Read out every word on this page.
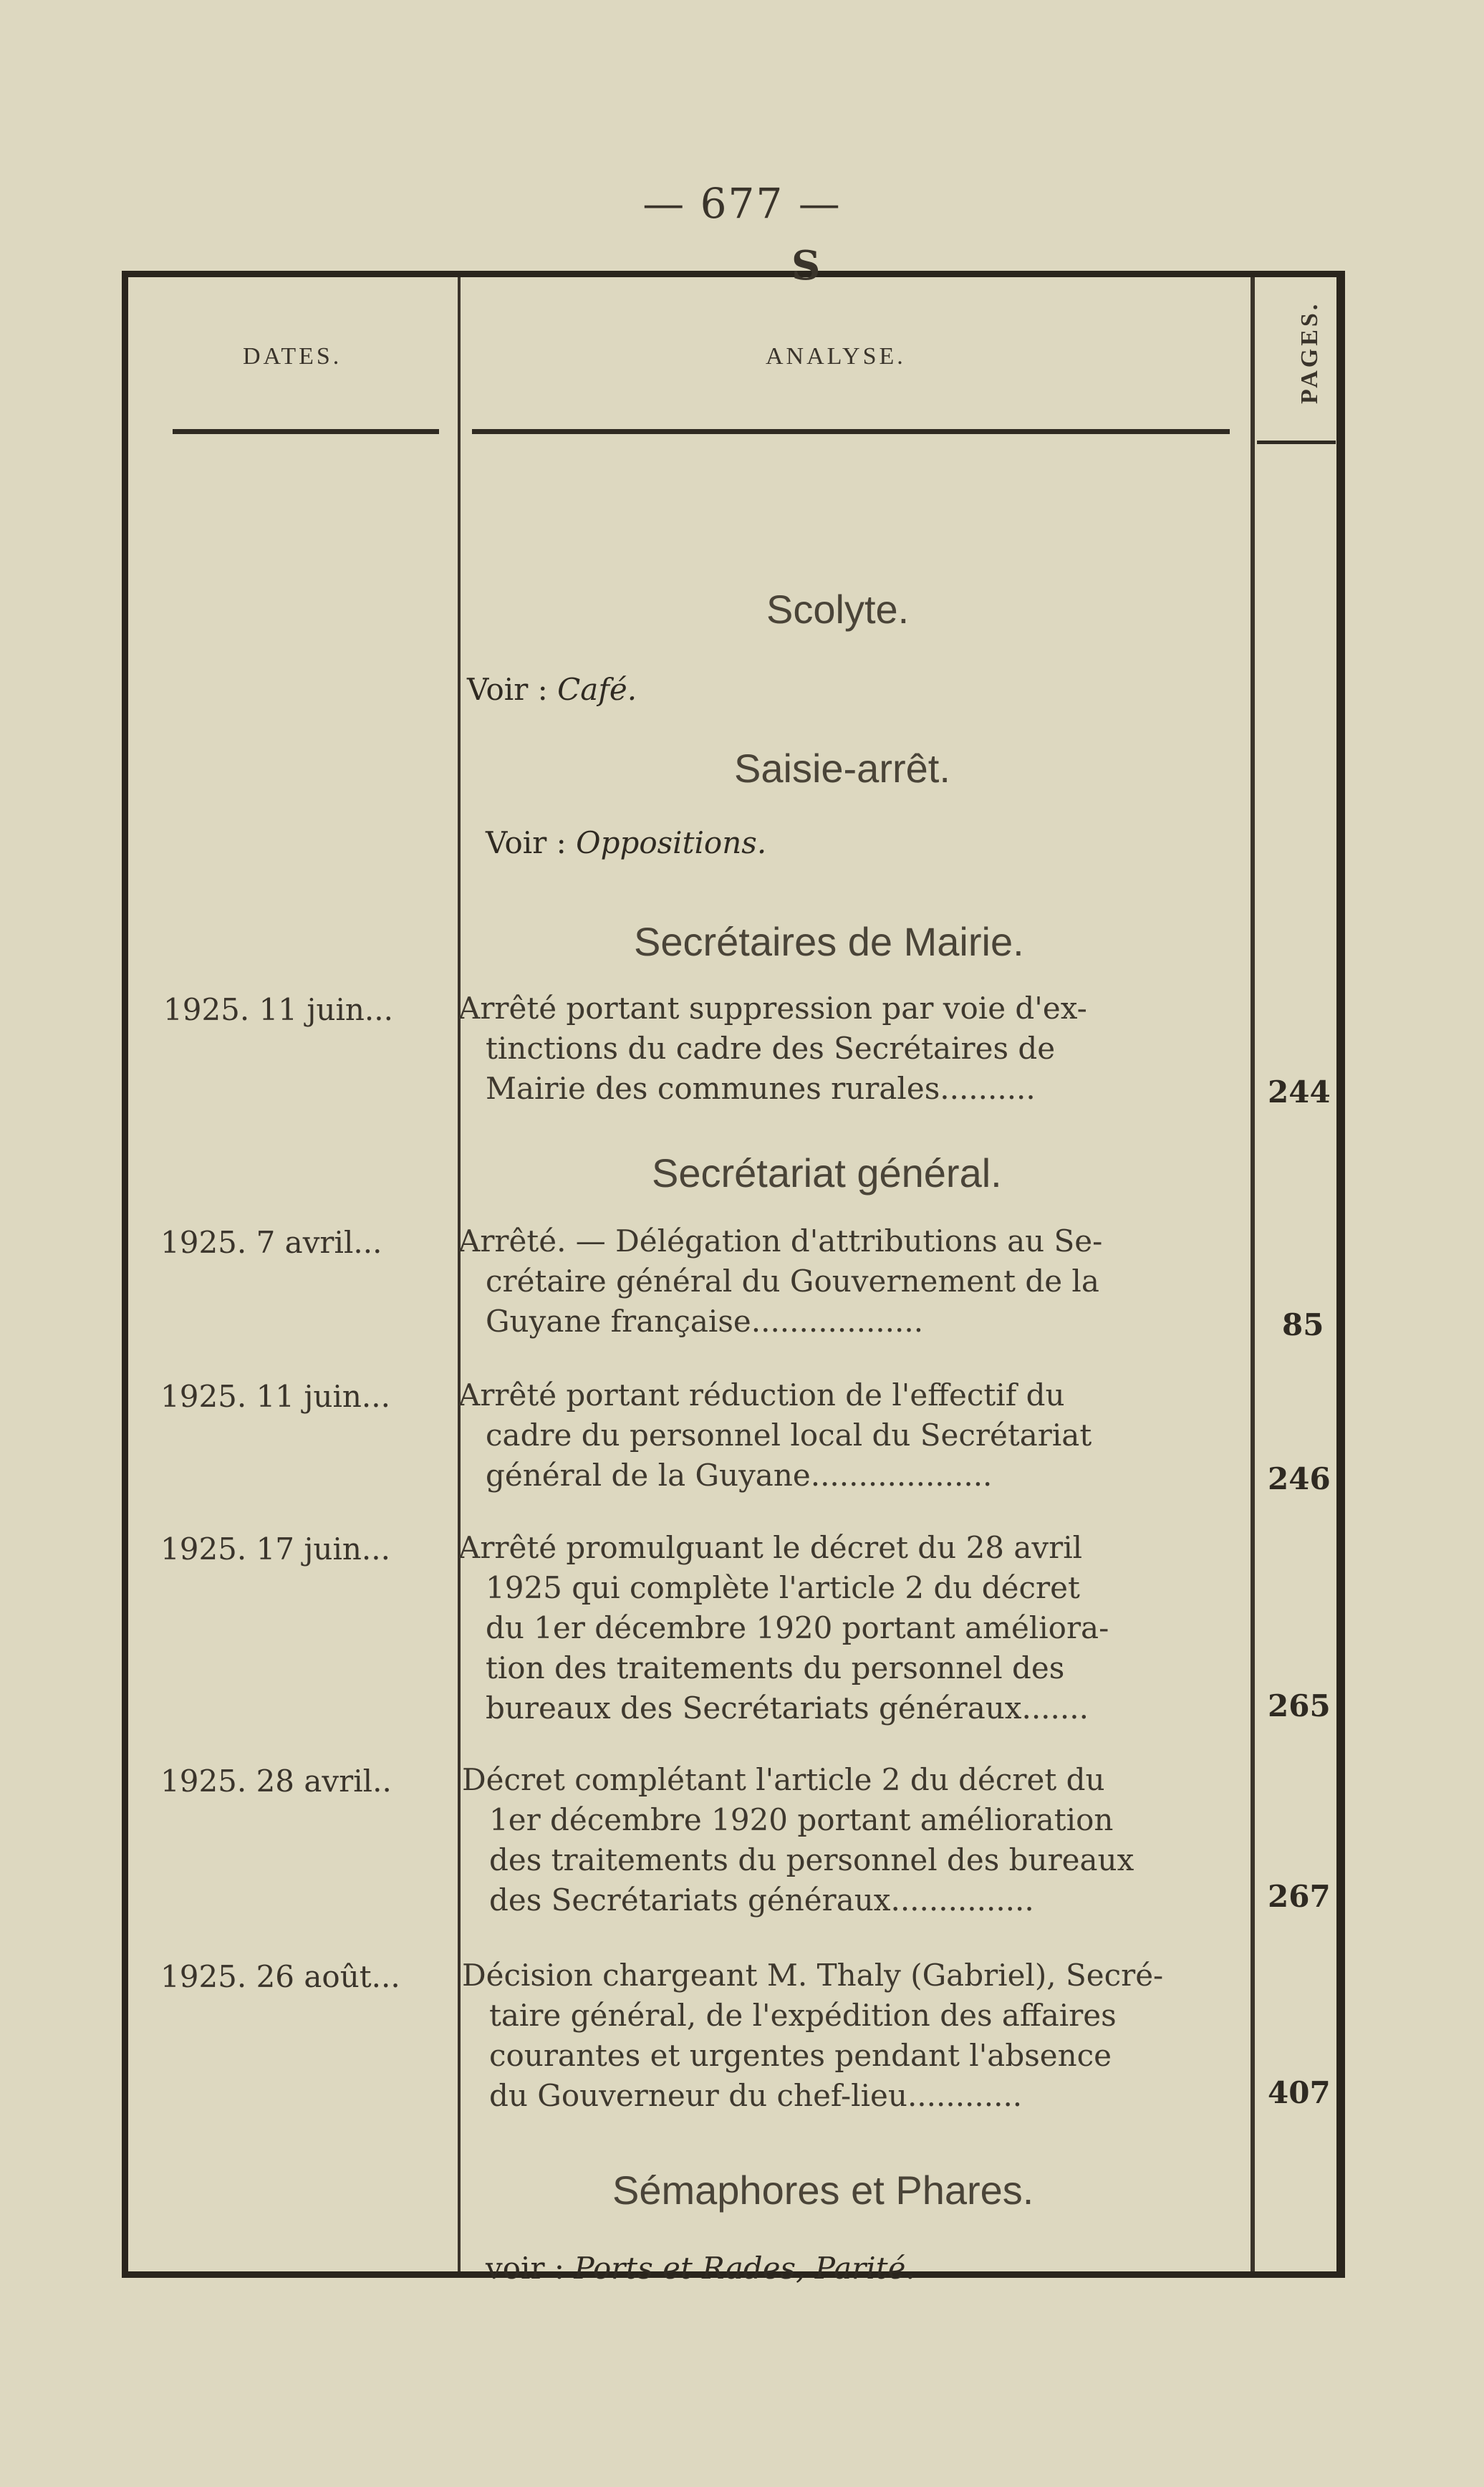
— 677 —
DATES.	ANALYSE.	PAGES.
S
Scolyte.
Voir : Café.
Saisie-arrêt.
Voir : Oppositions.
Secrétaires de Mairie.
1925. 11 juin... Arrêté portant suppression par voie d'ex-
tinctions du cadre des Secrétaires de
Mairie des communes rurales..........	244
Secrétariat général.
1925. 7 avril...	Arrêté. — Délégation d'attributions au Se-
crétaire général du Gouvernement de la
Guyane française..................	85
1925. 11 juin... Arrêté portant réduction de l'effectif du
cadre du personnel local du Secrétariat
général de la Guyane...................	246
1925. 17 juin... Arrêté promulguant le décret du 28 avril
1925 qui complète l'article 2 du décret
du 1er décembre 1920 portant améliora-
tion des traitements du personnel des
bureaux des Secrétariats généraux.......	265
1925. 28 avril.. Décret complétant l'article 2 du décret du
1er décembre 1920 portant amélioration
des traitements du personnel des bureaux
des Secrétariats généraux...............	267
1925. 26 août... Décision chargeant M. Thaly (Gabriel), Secré-
taire général, de l'expédition des affaires
courantes et urgentes pendant l'absence
du Gouverneur du chef-lieu............	407
Sémaphores et Phares.
voir : Ports et Rades, Parité.
